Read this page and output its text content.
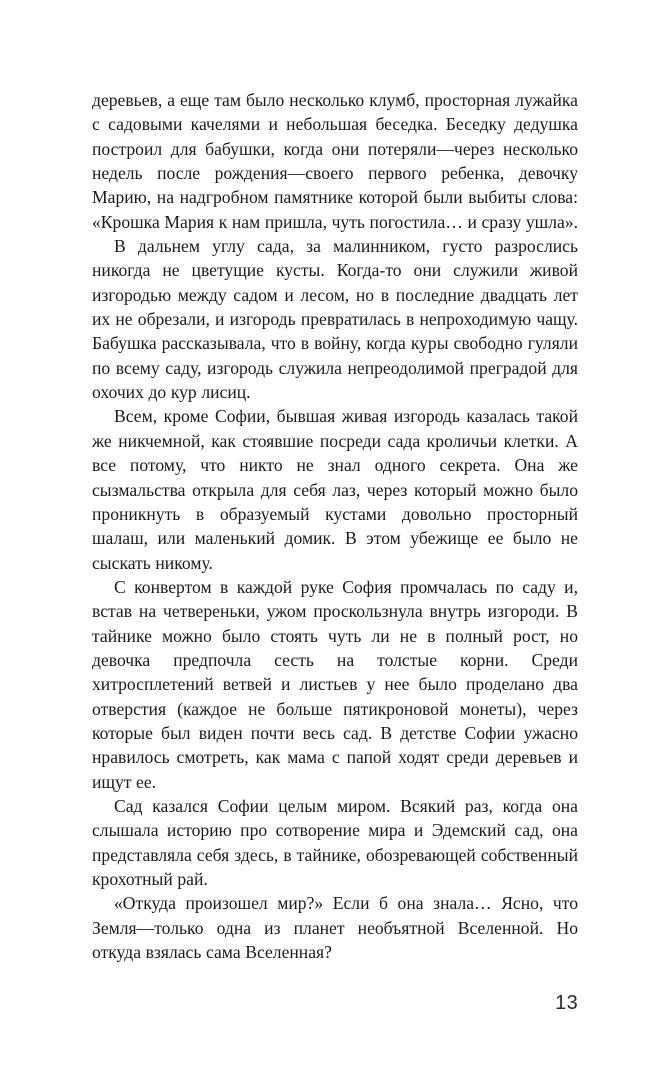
деревьев, а еще там было несколько клумб, просторная лужайка с садовыми качелями и небольшая беседка. Беседку дедушка построил для бабушки, когда они потеряли—через несколько недель после рождения—своего первого ребенка, девочку Марию, на надгробном памятнике которой были выбиты слова: «Крошка Мария к нам пришла, чуть погостила… и сразу ушла».

В дальнем углу сада, за малинником, густо разрослись никогда не цветущие кусты. Когда-то они служили живой изгородью между садом и лесом, но в последние двадцать лет их не обрезали, и изгородь превратилась в непроходимую чащу. Бабушка рассказывала, что в войну, когда куры свободно гуляли по всему саду, изгородь служила непреодолимой преградой для охочих до кур лисиц.

Всем, кроме Софии, бывшая живая изгородь казалась такой же никчемной, как стоявшие посреди сада кроличьи клетки. А все потому, что никто не знал одного секрета. Она же сызмальства открыла для себя лаз, через который можно было проникнуть в образуемый кустами довольно просторный шалаш, или маленький домик. В этом убежище ее было не сыскать никому.

С конвертом в каждой руке София промчалась по саду и, встав на четвереньки, ужом проскользнула внутрь изгороди. В тайнике можно было стоять чуть ли не в полный рост, но девочка предпочла сесть на толстые корни. Среди хитросплетений ветвей и листьев у нее было проделано два отверстия (каждое не больше пятикроновой монеты), через которые был виден почти весь сад. В детстве Софии ужасно нравилось смотреть, как мама с папой ходят среди деревьев и ищут ее.

Сад казался Софии целым миром. Всякий раз, когда она слышала историю про сотворение мира и Эдемский сад, она представляла себя здесь, в тайнике, обозревающей собственный крохотный рай.

«Откуда произошел мир?» Если б она знала… Ясно, что Земля—только одна из планет необъятной Вселенной. Но откуда взялась сама Вселенная?

13
